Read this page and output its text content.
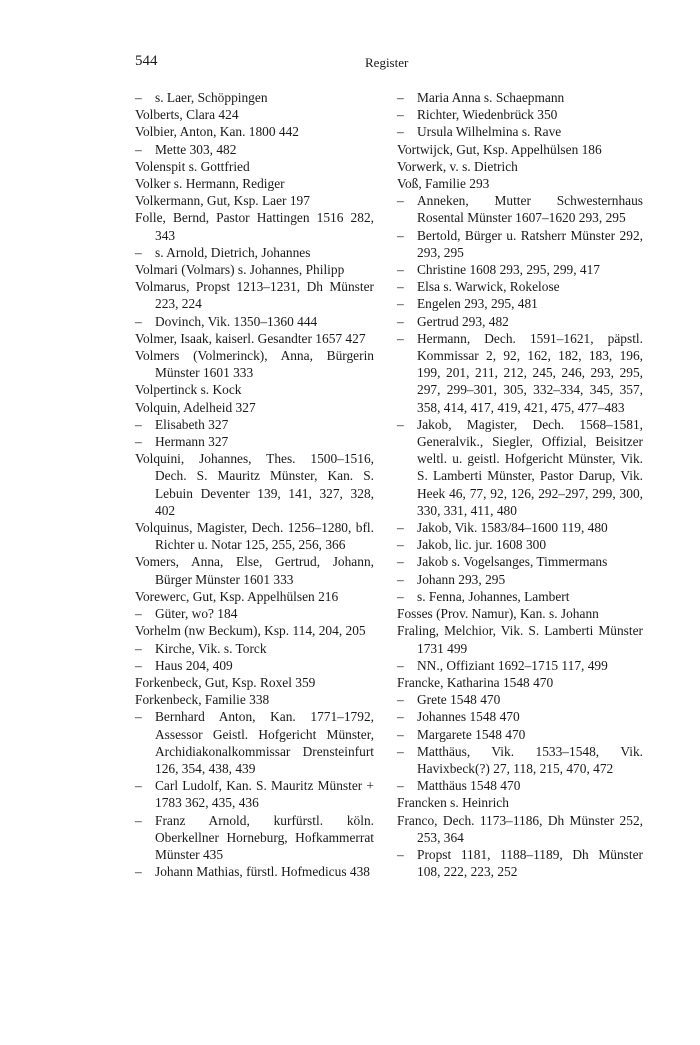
544	Register

– s. Laer, Schöppingen

Volberts, Clara 424

Volbier, Anton, Kan. 1800 442

– Mette 303, 482

Volenspit s. Gottfried

Volker s. Hermann, Rediger

Volkermann, Gut, Ksp. Laer 197

Folle, Bernd, Pastor Hattingen 1516 282, 343

– s. Arnold, Dietrich, Johannes

Volmari (Volmars) s. Johannes, Philipp

Volmarus, Propst 1213–1231, Dh Münster 223, 224

– Dovinch, Vik. 1350–1360 444

Volmer, Isaak, kaiserl. Gesandter 1657 427

Volmers (Volmerinck), Anna, Bürgerin Münster 1601 333

Volpertinck s. Kock

Volquin, Adelheid 327

– Elisabeth 327

– Hermann 327

Volquini, Johannes, Thes. 1500–1516, Dech. S. Mauritz Münster, Kan. S. Lebuin Deventer 139, 141, 327, 328, 402

Volquinus, Magister, Dech. 1256–1280, bfl. Richter u. Notar 125, 255, 256, 366

Vomers, Anna, Else, Gertrud, Johann, Bürger Münster 1601 333

Vorewerc, Gut, Ksp. Appelhülsen 216

– Güter, wo? 184

Vorhelm (nw Beckum), Ksp. 114, 204, 205

– Kirche, Vik. s. Torck

– Haus 204, 409

Forkenbeck, Gut, Ksp. Roxel 359

Forkenbeck, Familie 338

– Bernhard Anton, Kan. 1771–1792, Assessor Geistl. Hofgericht Münster, Archidiakonalkommissar Drensteinfurt 126, 354, 438, 439

– Carl Ludolf, Kan. S. Mauritz Münster + 1783 362, 435, 436

– Franz Arnold, kurfürstl. köln. Oberkellner Horneburg, Hofkammerrat Münster 435

– Johann Mathias, fürstl. Hofmedicus 438

– Maria Anna s. Schaepmann

– Richter, Wiedenbrück 350

– Ursula Wilhelmina s. Rave

Vortwijck, Gut, Ksp. Appelhülsen 186

Vorwerk, v. s. Dietrich

Voß, Familie 293

– Anneken, Mutter Schwesternhaus Rosental Münster 1607–1620 293, 295

– Bertold, Bürger u. Ratsherr Münster 292, 293, 295

– Christine 1608 293, 295, 299, 417

– Elsa s. Warwick, Rokelose

– Engelen 293, 295, 481

– Gertrud 293, 482

– Hermann, Dech. 1591–1621, päpstl. Kommissar 2, 92, 162, 182, 183, 196, 199, 201, 211, 212, 245, 246, 293, 295, 297, 299–301, 305, 332–334, 345, 357, 358, 414, 417, 419, 421, 475, 477–483

– Jakob, Magister, Dech. 1568–1581, Generalvik., Siegler, Offizial, Beisitzer weltl. u. geistl. Hofgericht Münster, Vik. S. Lamberti Münster, Pastor Darup, Vik. Heek 46, 77, 92, 126, 292–297, 299, 300, 330, 331, 411, 480

– Jakob, Vik. 1583/84–1600 119, 480

– Jakob, lic. jur. 1608 300

– Jakob s. Vogelsanges, Timmermans

– Johann 293, 295

– s. Fenna, Johannes, Lambert

Fosses (Prov. Namur), Kan. s. Johann

Fraling, Melchior, Vik. S. Lamberti Münster 1731 499

– NN., Offiziant 1692–1715 117, 499

Francke, Katharina 1548 470

– Grete 1548 470

– Johannes 1548 470

– Margarete 1548 470

– Matthäus, Vik. 1533–1548, Vik. Havixbeck(?) 27, 118, 215, 470, 472

– Matthäus 1548 470

Francken s. Heinrich

Franco, Dech. 1173–1186, Dh Münster 252, 253, 364

– Propst 1181, 1188–1189, Dh Münster 108, 222, 223, 252
